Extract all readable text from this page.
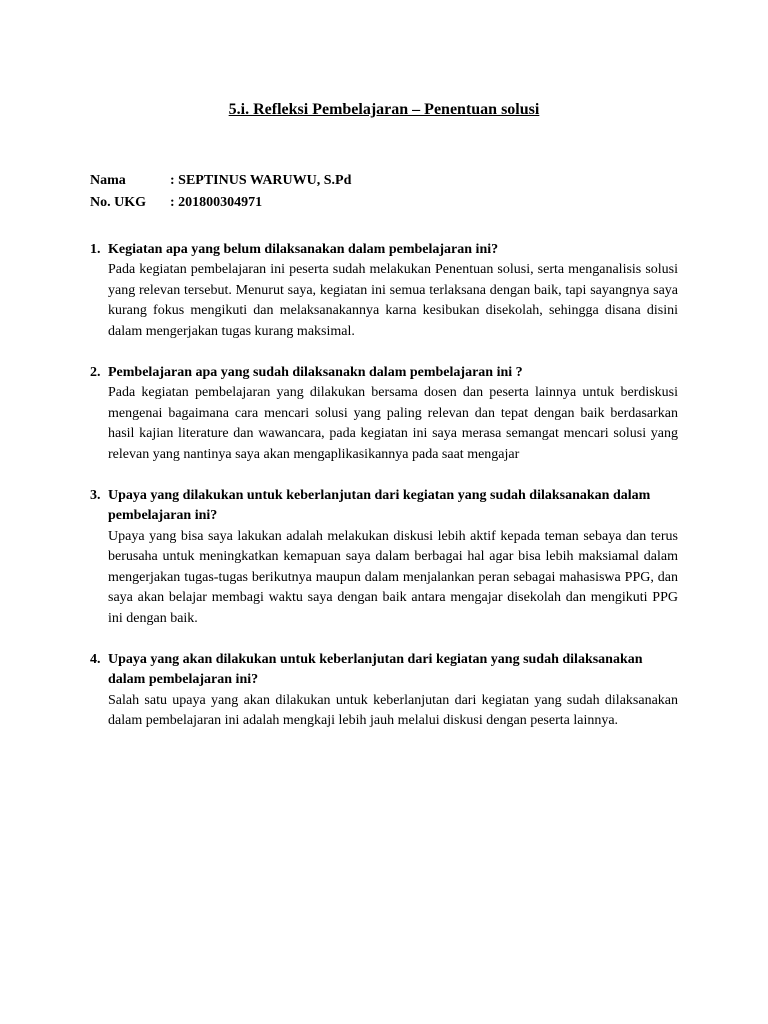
5.i. Refleksi Pembelajaran – Penentuan solusi
Nama	: SEPTINUS WARUWU, S.Pd
No. UKG	: 201800304971
1. Kegiatan apa yang belum dilaksanakan dalam pembelajaran ini?

Pada kegiatan pembelajaran ini peserta sudah melakukan Penentuan solusi, serta menganalisis solusi yang relevan tersebut. Menurut saya, kegiatan ini semua terlaksana dengan baik, tapi sayangnya saya kurang fokus mengikuti dan melaksanakannya karna kesibukan disekolah, sehingga disana disini dalam mengerjakan tugas kurang maksimal.

2. Pembelajaran apa yang sudah dilaksanakn dalam pembelajaran ini ?

Pada kegiatan pembelajaran yang dilakukan bersama dosen dan peserta lainnya untuk berdiskusi mengenai bagaimana cara mencari solusi yang paling relevan dan tepat dengan baik berdasarkan hasil kajian literature dan wawancara, pada kegiatan ini saya merasa semangat mencari solusi yang relevan yang nantinya saya akan mengaplikasikannya pada saat mengajar

3. Upaya yang dilakukan untuk keberlanjutan dari kegiatan yang sudah dilaksanakan dalam pembelajaran ini?

Upaya yang bisa saya lakukan adalah melakukan diskusi lebih aktif kepada teman sebaya dan terus berusaha untuk meningkatkan kemapuan saya dalam berbagai hal agar bisa lebih maksiamal dalam mengerjakan tugas-tugas berikutnya maupun dalam menjalankan peran sebagai mahasiswa PPG, dan saya akan belajar membagi waktu saya dengan baik antara mengajar disekolah dan mengikuti PPG ini dengan baik.

4. Upaya yang akan dilakukan untuk keberlanjutan dari kegiatan yang sudah dilaksanakan dalam pembelajaran ini?

Salah satu upaya yang akan dilakukan untuk keberlanjutan dari kegiatan yang sudah dilaksanakan dalam pembelajaran ini adalah mengkaji lebih jauh melalui diskusi dengan peserta lainnya.
